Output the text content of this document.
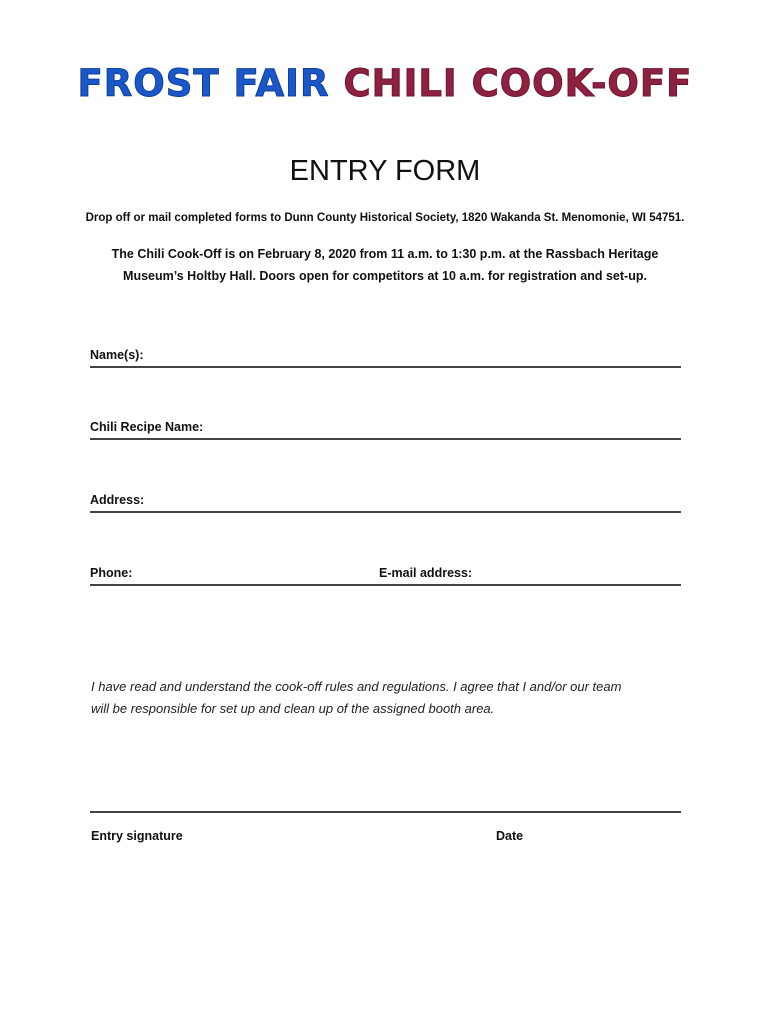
FROST FAIR CHILI COOK-OFF
ENTRY FORM
Drop off or mail completed forms to Dunn County Historical Society, 1820 Wakanda St. Menomonie, WI 54751.
The Chili Cook-Off is on February 8, 2020 from 11 a.m. to 1:30 p.m. at the Rassbach Heritage
Museum’s Holtby Hall. Doors open for competitors at 10 a.m. for registration and set-up.
Name(s):
Chili Recipe Name:
Address:
Phone:	E-mail address:
I have read and understand the cook-off rules and regulations. I agree that I and/or our team
will be responsible for set up and clean up of the assigned booth area.
Entry signature	Date
